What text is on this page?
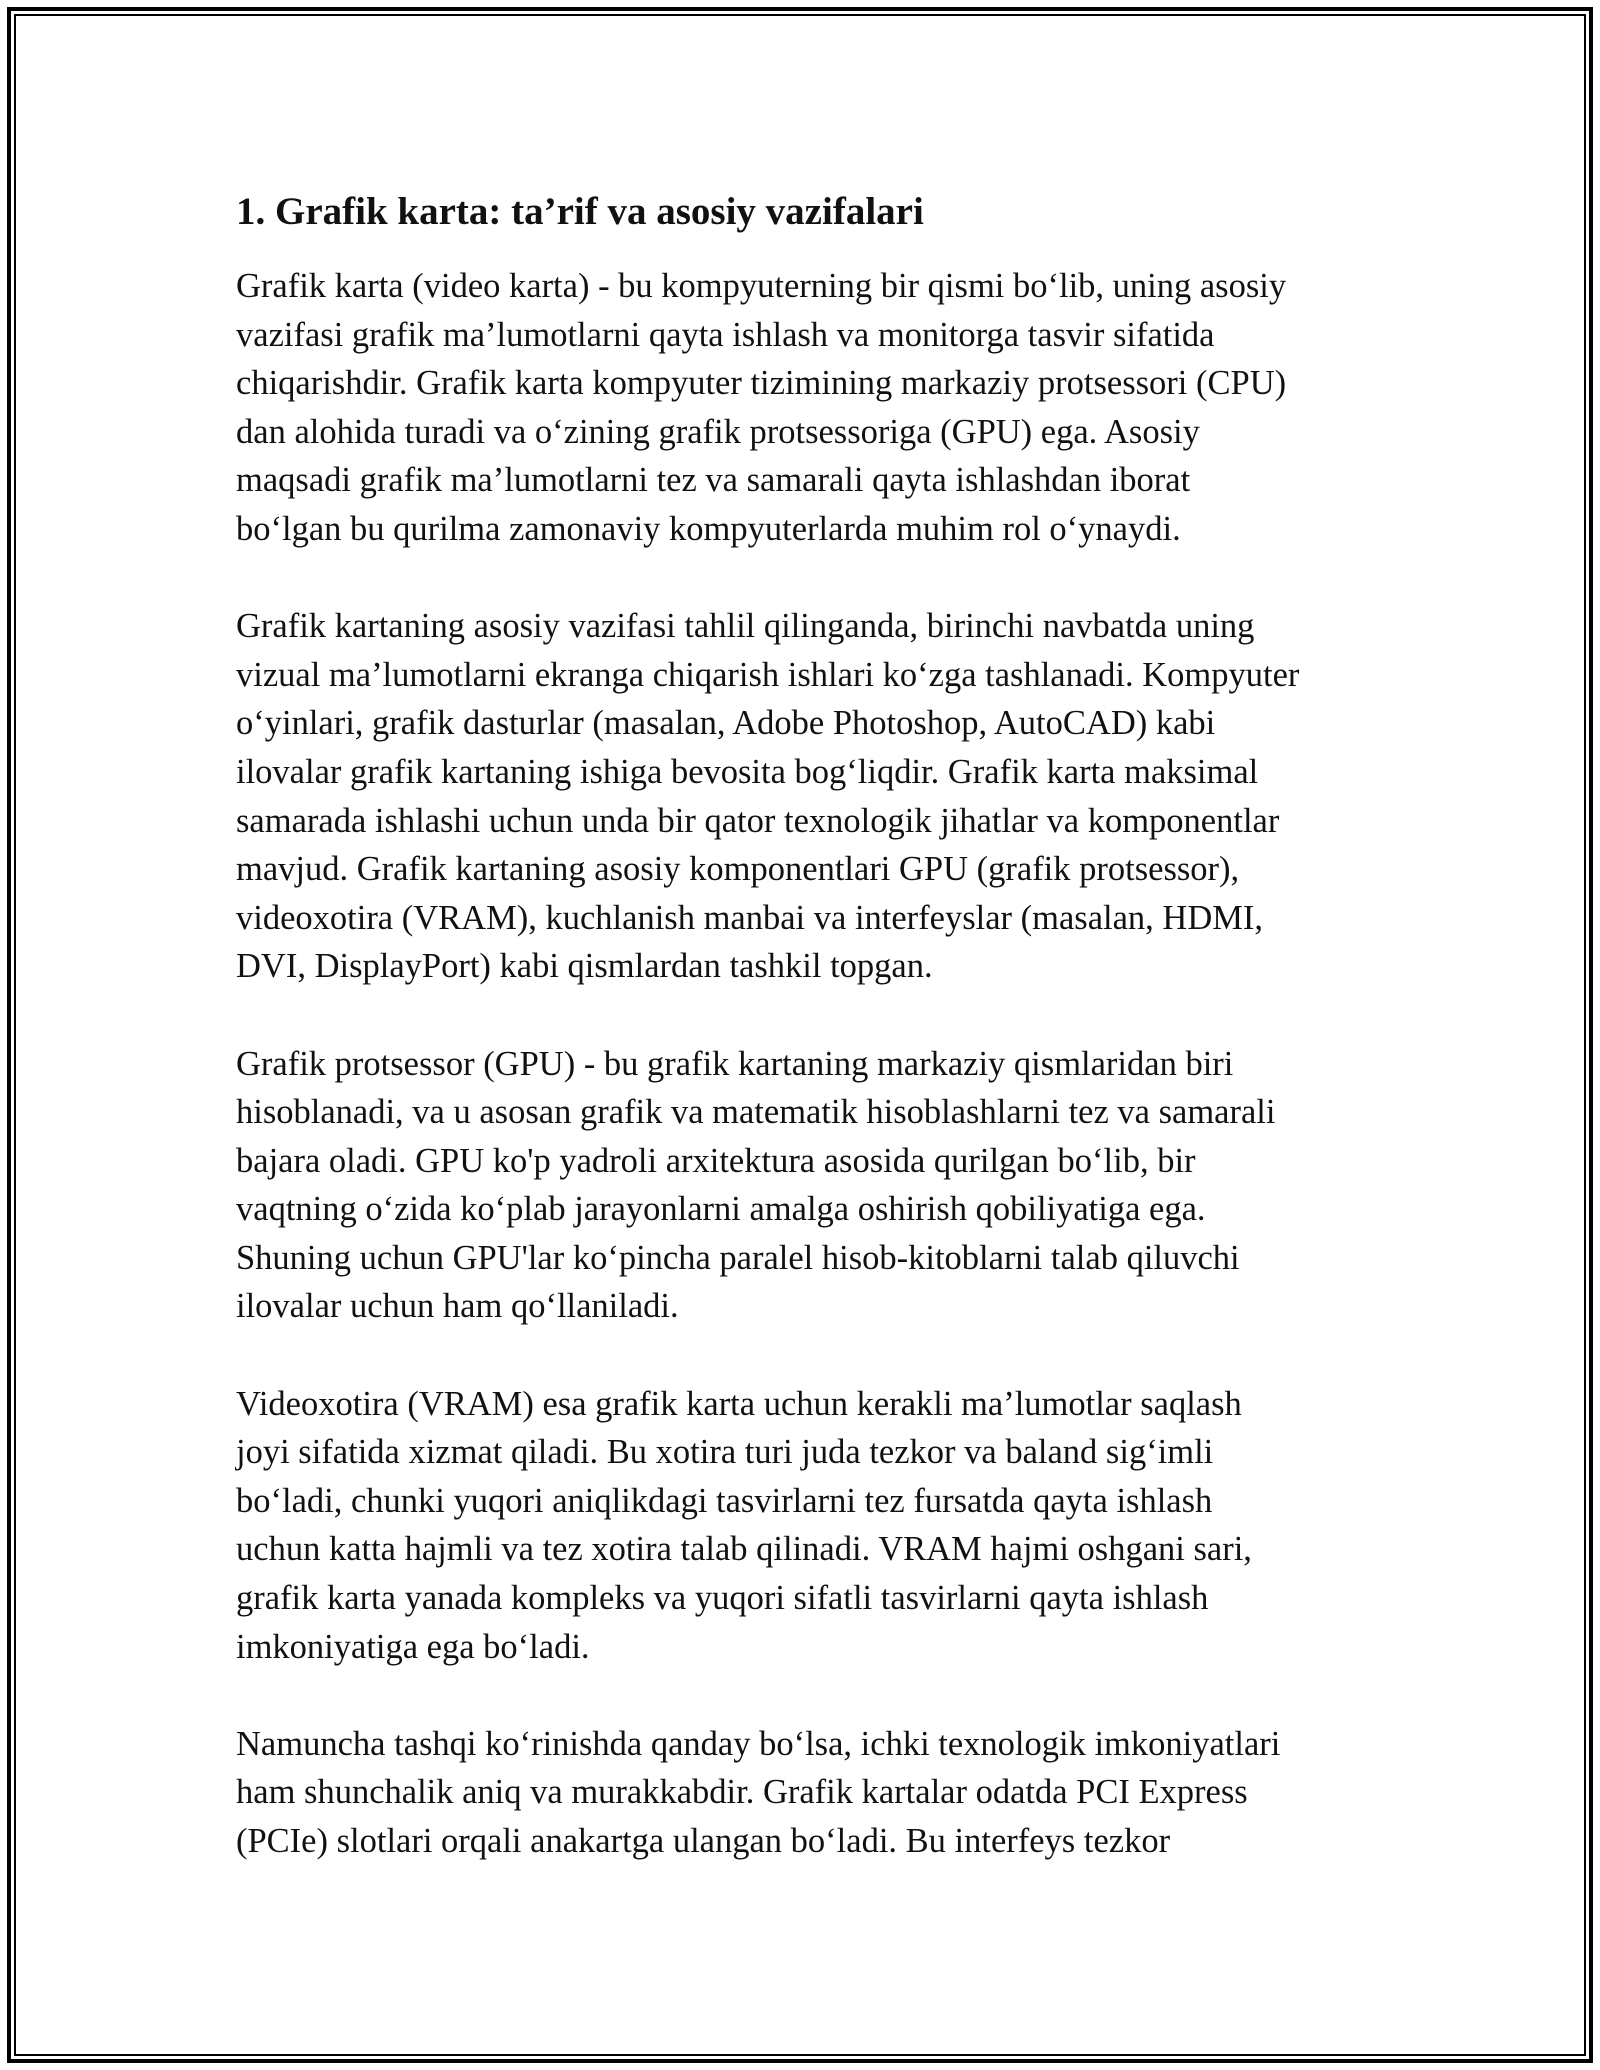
1. Grafik karta: ta’rif va asosiy vazifalari
Grafik karta (video karta) - bu kompyuterning bir qismi bo‘lib, uning asosiy
vazifasi grafik ma’lumotlarni qayta ishlash va monitorga tasvir sifatida
chiqarishdir. Grafik karta kompyuter tizimining markaziy protsessori (CPU)
dan alohida turadi va o‘zining grafik protsessoriga (GPU) ega. Asosiy
maqsadi grafik ma’lumotlarni tez va samarali qayta ishlashdan iborat
bo‘lgan bu qurilma zamonaviy kompyuterlarda muhim rol o‘ynaydi.
Grafik kartaning asosiy vazifasi tahlil qilinganda, birinchi navbatda uning
vizual ma’lumotlarni ekranga chiqarish ishlari ko‘zga tashlanadi. Kompyuter
o‘yinlari, grafik dasturlar (masalan, Adobe Photoshop, AutoCAD) kabi
ilovalar grafik kartaning ishiga bevosita bog‘liqdir. Grafik karta maksimal
samarada ishlashi uchun unda bir qator texnologik jihatlar va komponentlar
mavjud. Grafik kartaning asosiy komponentlari GPU (grafik protsessor),
videoxotira (VRAM), kuchlanish manbai va interfeyslar (masalan, HDMI,
DVI, DisplayPort) kabi qismlardan tashkil topgan.
Grafik protsessor (GPU) - bu grafik kartaning markaziy qismlaridan biri
hisoblanadi, va u asosan grafik va matematik hisoblashlarni tez va samarali
bajara oladi. GPU ko'p yadroli arxitektura asosida qurilgan bo‘lib, bir
vaqtning o‘zida ko‘plab jarayonlarni amalga oshirish qobiliyatiga ega.
Shuning uchun GPU'lar ko‘pincha paralel hisob-kitoblarni talab qiluvchi
ilovalar uchun ham qo‘llaniladi.
Videoxotira (VRAM) esa grafik karta uchun kerakli ma’lumotlar saqlash
joyi sifatida xizmat qiladi. Bu xotira turi juda tezkor va baland sig‘imli
bo‘ladi, chunki yuqori aniqlikdagi tasvirlarni tez fursatda qayta ishlash
uchun katta hajmli va tez xotira talab qilinadi. VRAM hajmi oshgani sari,
grafik karta yanada kompleks va yuqori sifatli tasvirlarni qayta ishlash
imkoniyatiga ega bo‘ladi.
Namuncha tashqi ko‘rinishda qanday bo‘lsa, ichki texnologik imkoniyatlari
ham shunchalik aniq va murakkabdir. Grafik kartalar odatda PCI Express
(PCIe) slotlari orqali anakartga ulangan bo‘ladi. Bu interfeys tezkor
